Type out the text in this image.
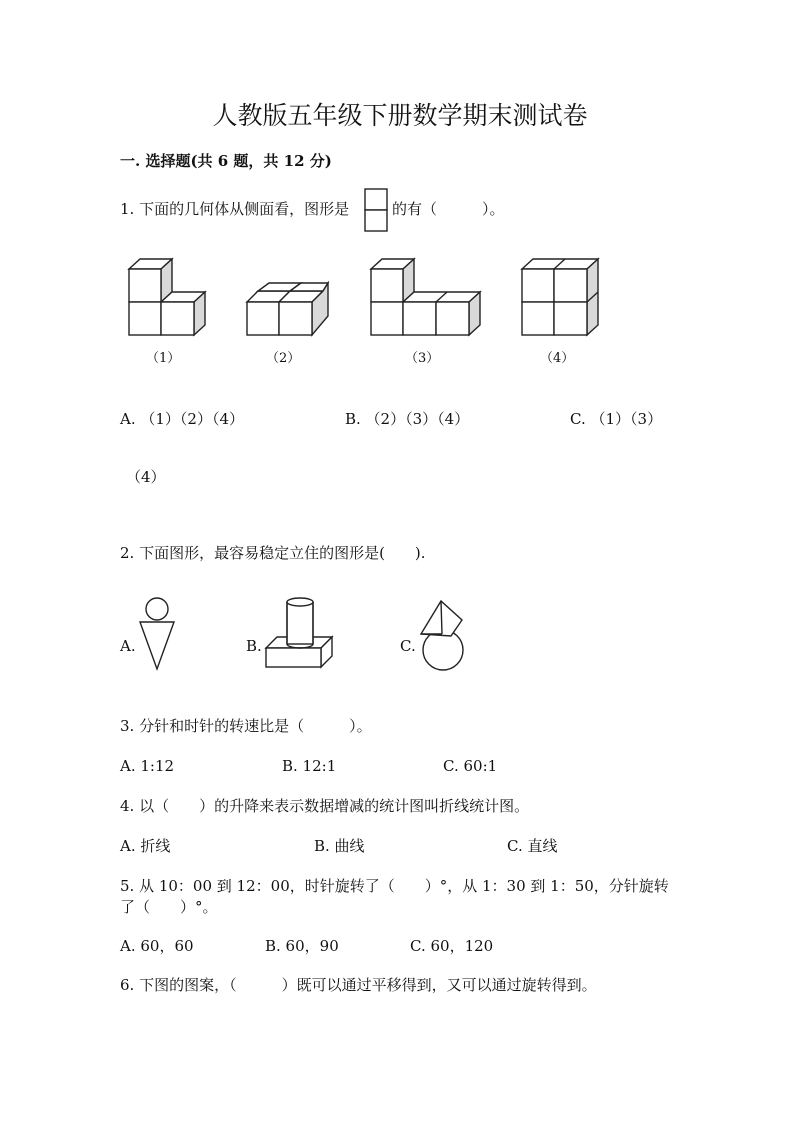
人教版五年级下册数学期末测试卷
一. 选择题(共 6 题，共 12 分)
1. 下面的几何体从侧面看，图形是	的有（　　　）。
（1）	（2）	（3）	（4）
A. （1）（2）（4）	B. （2）（3）（4）	C. （1）（3）
（4）
2. 下面图形，最容易稳定立住的图形是(　　).
A.	B.	C.
3. 分针和时针的转速比是（　　　）。
A. 1:12	B. 12:1	C. 60:1
4. 以（　　）的升降来表示数据增减的统计图叫折线统计图。
A. 折线	B. 曲线	C. 直线
5. 从 10：00 到 12：00，时针旋转了（　　）°，从 1：30 到 1：50，分针旋转
了（　　）°。
A. 60，60	B. 60，90	C. 60，120
6. 下图的图案，（　　　）既可以通过平移得到，又可以通过旋转得到。
